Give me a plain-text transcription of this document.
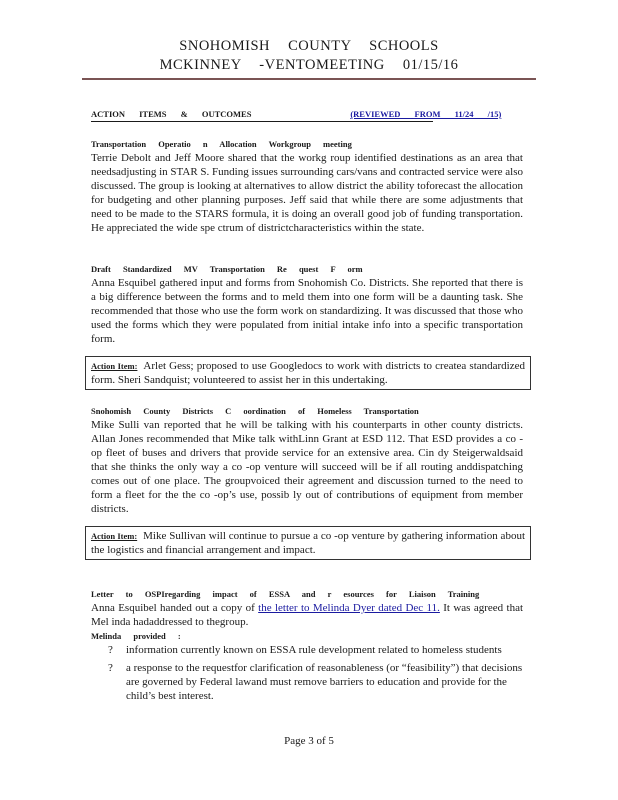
SNOHOMISH COUNTY SCHOOLS
MCKINNEY -VENTOMEETING 01/15/16
ACTION ITEMS & OUTCOMES	(REVIEWED FROM 11/24 /15)
Transportation Operatio n Allocation Workgroup meeting

Terrie Debolt and Jeff Moore shared that the workg roup identified destinations as an area that needsadjusting in STAR S. Funding issues surrounding cars/vans and contracted service were also discussed. The group is looking at alternatives to allow district the ability toforecast the allocation for budgeting and other planning purposes. Jeff said that while there are some adjustments that need to be made to the STARS formula, it is doing an overall good job of funding transportation. He appreciated the wide spe ctrum of districtcharacteristics within the state.

Draft Standardized MV Transportation Re quest F orm

Anna Esquibel gathered input and forms from Snohomish Co. Districts. She reported that there is a big difference between the forms and to meld them into one form will be a daunting task. She recommended that those who use the form work on standardizing. It was discussed that those who used the forms which they were populated from initial intake info into a specific transportation form.

Action Item: Arlet Gess; proposed to use Googledocs to work with districts to createa standardized form. Sheri Sandquist; volunteered to assist her in this undertaking.
Snohomish County Districts C oordination of Homeless Transportation

Mike Sulli van reported that he will be talking with his counterparts in other county districts. Allan Jones recommended that Mike talk withLinn Grant at ESD 112. That ESD provides a co -op fleet of buses and drivers that provide service for an extensive area. Cin dy Steigerwaldsaid that she thinks the only way a co -op venture will succeed will be if all routing anddispatching comes out of one place. The groupvoiced their agreement and discussion turned to the need to form a fleet for the the co -op’s use, possib ly out of contributions of equipment from member districts.

Action Item: Mike Sullivan will continue to pursue a co -op venture by gathering information about the logistics and financial arrangement and impact.
Letter to OSPIregarding impact of ESSA and r esources for Liaison Training

Anna Esquibel handed out a copy of the letter to Melinda Dyer dated Dec 11. It was agreed that Mel inda hadaddressed to thegroup.

Melinda provided :
? information currently known on ESSA rule development related to homeless students
? a response to the requestfor clarification of reasonableness (or “feasibility”) that decisions are governed by Federal lawand must remove barriers to education and provide for the child’s best interest.
Page 3 of 5
